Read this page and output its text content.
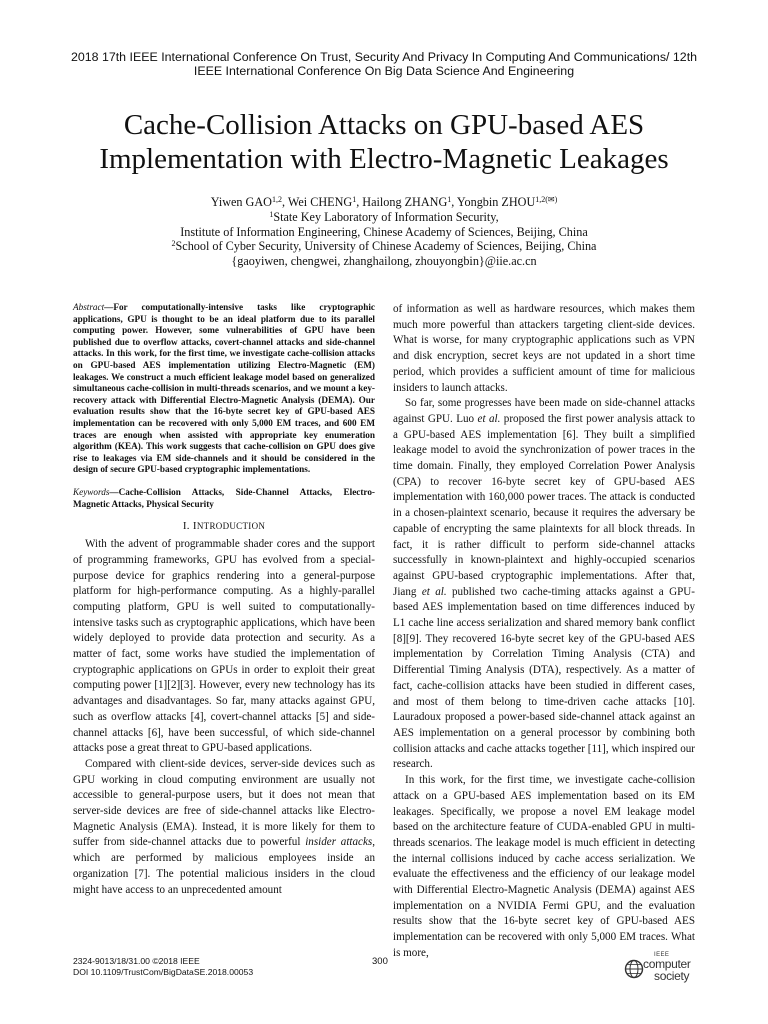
2018 17th IEEE International Conference On Trust, Security And Privacy In Computing And Communications/ 12th
IEEE International Conference On Big Data Science And Engineering
Cache-Collision Attacks on GPU-based AES
Implementation with Electro-Magnetic Leakages
Yiwen GAO$^{1,2}$, Wei CHENG$^1$, Hailong ZHANG$^1$, Yongbin $ZHOU^{1,2(✉)}$
$^1$State Key Laboratory of Information Security,
Institute of Information Engineering, Chinese Academy of Sciences, Beijing, China
$^2$School of Cyber Security, University of Chinese Academy of Sciences, Beijing, China
{gaoyiwen, chengwei, zhanghailong, zhouyongbin}@iie.ac.cn

Abstract—For computationally-intensive tasks like cryptographic applications, GPU is thought to be an ideal platform due to its parallel computing power. However, some vulnerabilities of GPU have been published due to overflow attacks, covert-channel attacks and side-channel attacks. In this work, for the first time, we investigate cache-collision attacks on GPU-based AES implementation utilizing Electro-Magnetic (EM) leakages. We construct a much efficient leakage model based on generalized simultaneous cache-collision in multi-threads scenarios, and we mount a key-recovery attack with Differential Electro-Magnetic Analysis (DEMA). Our evaluation results show that the 16-byte secret key of GPU-based AES implementation can be recovered with only 5,000 EM traces, and 600 EM traces are enough when assisted with appropriate key enumeration algorithm (KEA). This work suggests that cache-collision on GPU does give rise to leakages via EM side-channels and it should be considered in the design of secure GPU-based cryptographic implementations.

Keywords—Cache-Collision Attacks, Side-Channel Attacks, Electro-Magnetic Attacks, Physical Security

I. INTRODUCTION

With the advent of programmable shader cores and the support of programming frameworks, GPU has evolved from a special-purpose device for graphics rendering into a general-purpose platform for high-performance computing. As a highly-parallel computing platform, GPU is well suited to computationally-intensive tasks such as cryptographic applications, which have been widely deployed to provide data protection and security. As a matter of fact, some works have studied the implementation of cryptographic applications on GPUs in order to exploit their great computing power [1][2][3]. However, every new technology has its advantages and disadvantages. So far, many attacks against GPU, such as overflow attacks [4], covert-channel attacks [5] and side-channel attacks [6], have been successful, of which side-channel attacks pose a great threat to GPU-based applications.

Compared with client-side devices, server-side devices such as GPU working in cloud computing environment are usually not accessible to general-purpose users, but it does not mean that server-side devices are free of side-channel attacks like Electro-Magnetic Analysis (EMA). Instead, it is more likely for them to suffer from side-channel attacks due to powerful insider attacks, which are performed by malicious employees inside an organization [7]. The potential malicious insiders in the cloud might have access to an unprecedented amount

of information as well as hardware resources, which makes them much more powerful than attackers targeting client-side devices. What is worse, for many cryptographic applications such as VPN and disk encryption, secret keys are not updated in a short time period, which provides a sufficient amount of time for malicious insiders to launch attacks.

So far, some progresses have been made on side-channel attacks against GPU. Luo et al. proposed the first power analysis attack to a GPU-based AES implementation [6]. They built a simplified leakage model to avoid the synchronization of power traces in the time domain. Finally, they employed Correlation Power Analysis (CPA) to recover 16-byte secret key of GPU-based AES implementation with 160,000 power traces. The attack is conducted in a chosen-plaintext scenario, because it requires the adversary be capable of encrypting the same plaintexts for all block threads. In fact, it is rather difficult to perform side-channel attacks successfully in known-plaintext and highly-occupied scenarios against GPU-based cryptographic implementations. After that, Jiang et al. published two cache-timing attacks against a GPU-based AES implementation based on time differences induced by L1 cache line access serialization and shared memory bank conflict [8][9]. They recovered 16-byte secret key of the GPU-based AES implementation by Correlation Timing Analysis (CTA) and Differential Timing Analysis (DTA), respectively. As a matter of fact, cache-collision attacks have been studied in different cases, and most of them belong to time-driven cache attacks [10]. Lauradoux proposed a power-based side-channel attack against an AES implementation on a general processor by combining both collision attacks and cache attacks together [11], which inspired our research.

In this work, for the first time, we investigate cache-collision attack on a GPU-based AES implementation based on its EM leakages. Specifically, we propose a novel EM leakage model based on the architecture feature of CUDA-enabled GPU in multi-threads scenarios. The leakage model is much efficient in detecting the internal collisions induced by cache access serialization. We evaluate the effectiveness and the efficiency of our leakage model with Differential Electro-Magnetic Analysis (DEMA) against AES implementation on a NVIDIA Fermi GPU, and the evaluation results show that the 16-byte secret key of GPU-based AES implementation can be recovered with only 5,000 EM traces. What is more,

2324-9013/18/31.00 ©2018 IEEE
DOI 10.1109/TrustCom/BigDataSE.2018.00053
300
IEEE
computer
society
